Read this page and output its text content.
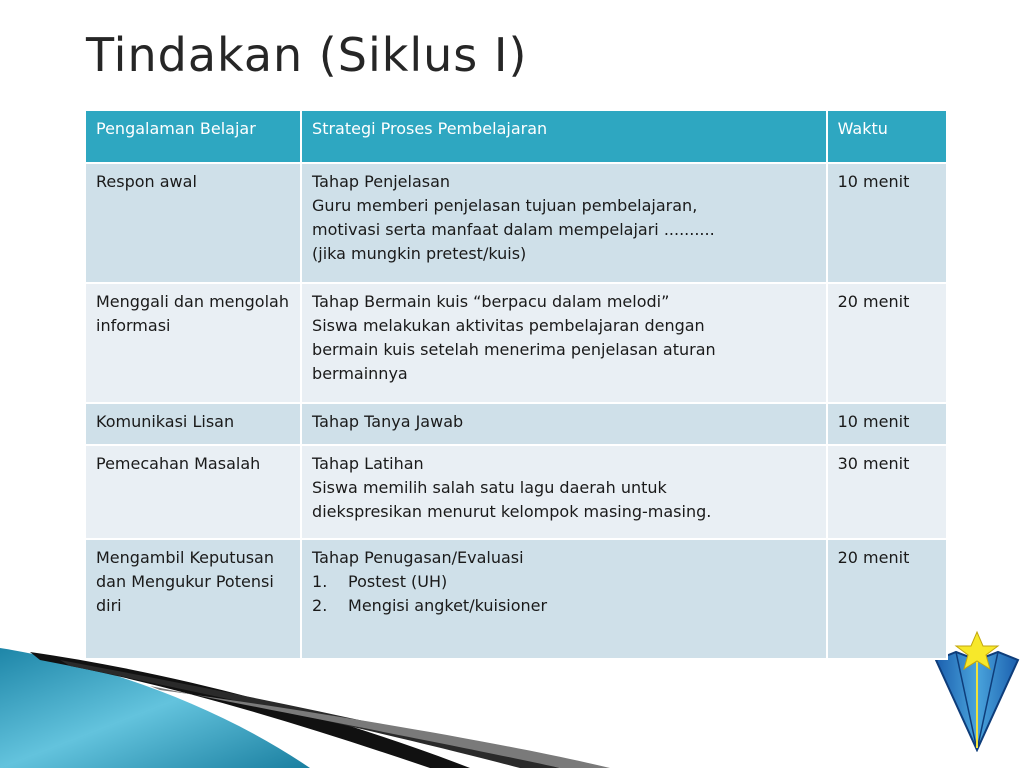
Tindakan (Siklus I)
Pengalaman Belajar	Strategi Proses Pembelajaran	Waktu
Respon awal	Tahap Penjelasan
Guru memberi penjelasan tujuan pembelajaran,
motivasi serta manfaat dalam mempelajari ..........
(jika mungkin pretest/kuis)	10 menit
Menggali dan mengolah informasi	Tahap Bermain kuis “berpacu dalam melodi”
Siswa melakukan aktivitas pembelajaran dengan
bermain kuis setelah menerima penjelasan aturan
bermainnya	20 menit
Komunikasi Lisan	Tahap Tanya Jawab	10 menit
Pemecahan Masalah	Tahap Latihan
Siswa memilih salah satu lagu daerah untuk
diekspresikan menurut kelompok masing-masing.	30 menit
Mengambil Keputusan dan Mengukur Potensi diri	Tahap Penugasan/Evaluasi
1. Postest (UH)
2. Mengisi angket/kuisioner	20 menit
